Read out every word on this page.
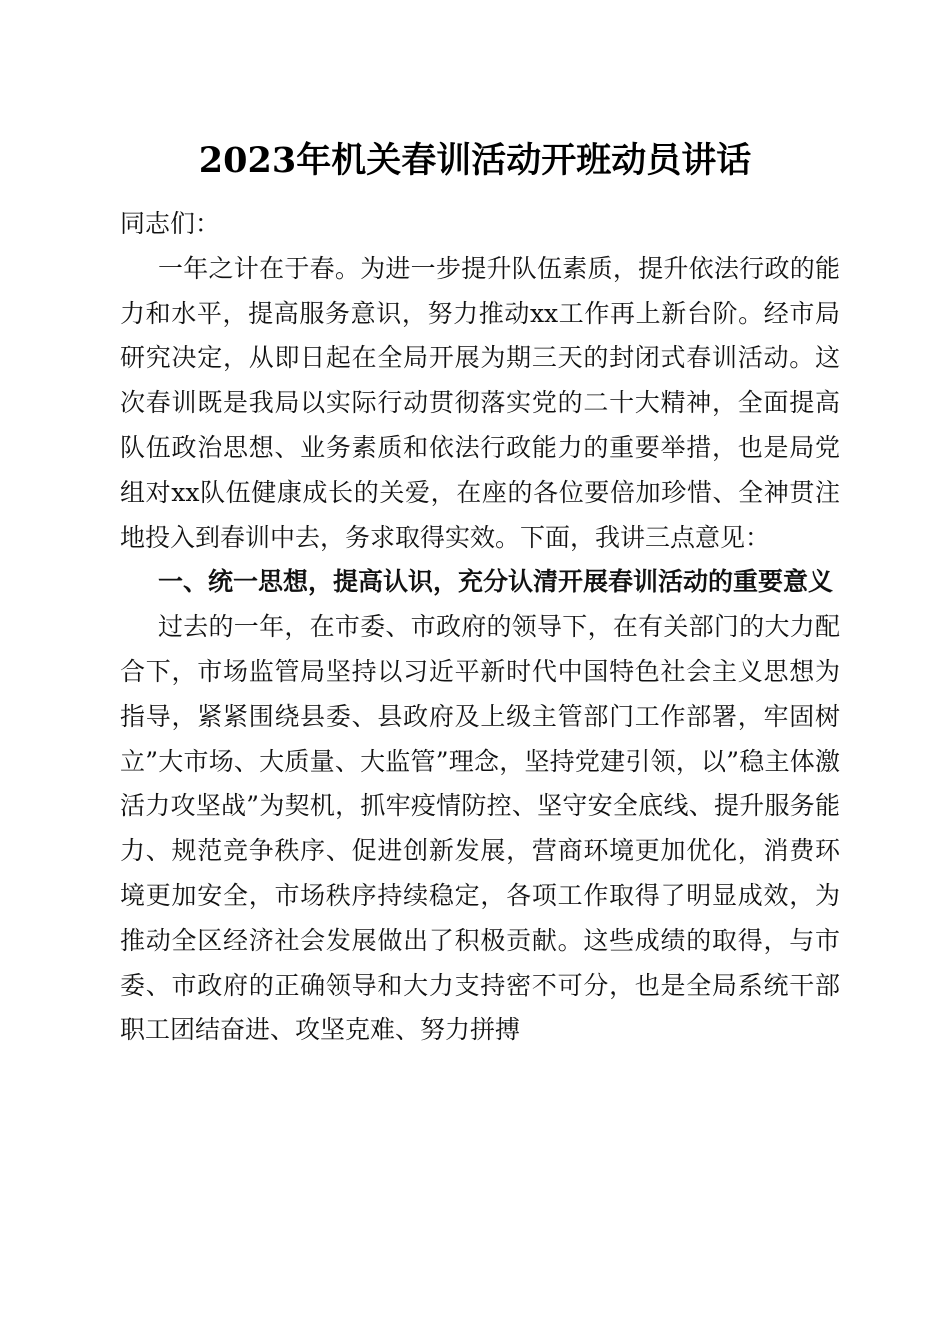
2023年机关春训活动开班动员讲话

同志们：

一年之计在于春。为进一步提升队伍素质，提升依法行政的能力和水平，提高服务意识，努力推动xx工作再上新台阶。经市局研究决定，从即日起在全局开展为期三天的封闭式春训活动。这次春训既是我局以实际行动贯彻落实党的二十大精神，全面提高队伍政治思想、业务素质和依法行政能力的重要举措，也是局党组对xx队伍健康成长的关爱，在座的各位要倍加珍惜、全神贯注地投入到春训中去，务求取得实效。下面，我讲三点意见：

一、统一思想，提高认识，充分认清开展春训活动的重要意义

过去的一年，在市委、市政府的领导下，在有关部门的大力配合下，市场监管局坚持以习近平新时代中国特色社会主义思想为指导，紧紧围绕县委、县政府及上级主管部门工作部署，牢固树立”大市场、大质量、大监管”理念，坚持党建引领，以”稳主体激活力攻坚战”为契机，抓牢疫情防控、坚守安全底线、提升服务能力、规范竞争秩序、促进创新发展，营商环境更加优化，消费环境更加安全，市场秩序持续稳定，各项工作取得了明显成效，为推动全区经济社会发展做出了积极贡献。这些成绩的取得，与市委、市政府的正确领导和大力支持密不可分，也是全局系统干部职工团结奋进、攻坚克难、努力拼搏
